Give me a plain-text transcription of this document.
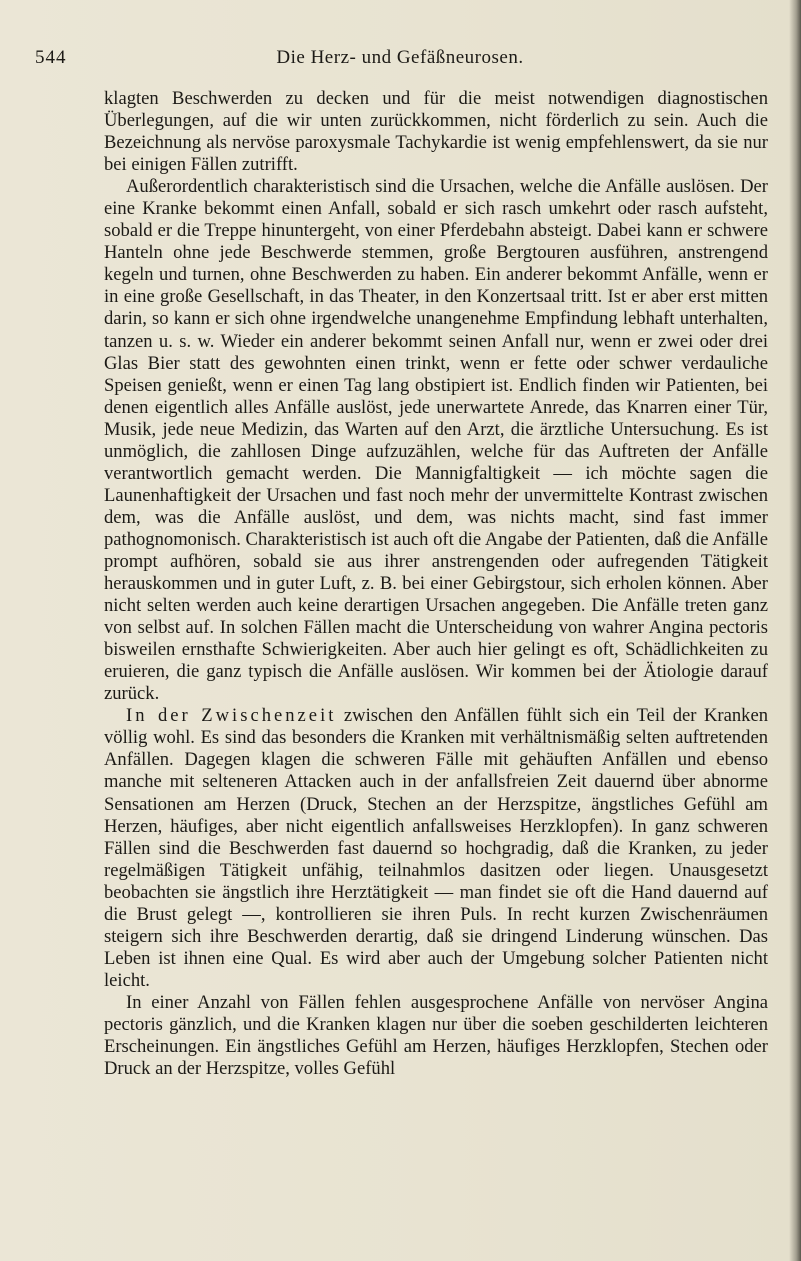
544	Die Herz- und Gefäßneurosen.

klagten Beschwerden zu decken und für die meist notwendigen diagnostischen Überlegungen, auf die wir unten zurückkommen, nicht förderlich zu sein. Auch die Bezeichnung als nervöse paroxysmale Tachykardie ist wenig empfehlenswert, da sie nur bei einigen Fällen zutrifft.

Außerordentlich charakteristisch sind die Ursachen, welche die Anfälle auslösen. Der eine Kranke bekommt einen Anfall, sobald er sich rasch umkehrt oder rasch aufsteht, sobald er die Treppe hinuntergeht, von einer Pferdebahn absteigt. Dabei kann er schwere Hanteln ohne jede Beschwerde stemmen, große Bergtouren ausführen, anstrengend kegeln und turnen, ohne Beschwerden zu haben. Ein anderer bekommt Anfälle, wenn er in eine große Gesellschaft, in das Theater, in den Konzertsaal tritt. Ist er aber erst mitten darin, so kann er sich ohne irgendwelche unangenehme Empfindung lebhaft unterhalten, tanzen u. s. w. Wieder ein anderer bekommt seinen Anfall nur, wenn er zwei oder drei Glas Bier statt des gewohnten einen trinkt, wenn er fette oder schwer verdauliche Speisen genießt, wenn er einen Tag lang obstipiert ist. Endlich finden wir Patienten, bei denen eigentlich alles Anfälle auslöst, jede unerwartete Anrede, das Knarren einer Tür, Musik, jede neue Medizin, das Warten auf den Arzt, die ärztliche Untersuchung. Es ist unmöglich, die zahllosen Dinge aufzuzählen, welche für das Auftreten der Anfälle verantwortlich gemacht werden. Die Mannigfaltigkeit — ich möchte sagen die Launenhaftigkeit der Ursachen und fast noch mehr der unvermittelte Kontrast zwischen dem, was die Anfälle auslöst, und dem, was nichts macht, sind fast immer pathognomonisch. Charakteristisch ist auch oft die Angabe der Patienten, daß die Anfälle prompt aufhören, sobald sie aus ihrer anstrengenden oder aufregenden Tätigkeit herauskommen und in guter Luft, z. B. bei einer Gebirgstour, sich erholen können. Aber nicht selten werden auch keine derartigen Ursachen angegeben. Die Anfälle treten ganz von selbst auf. In solchen Fällen macht die Unterscheidung von wahrer Angina pectoris bisweilen ernsthafte Schwierigkeiten. Aber auch hier gelingt es oft, Schädlichkeiten zu eruieren, die ganz typisch die Anfälle auslösen. Wir kommen bei der Ätiologie darauf zurück.

In der Zwischenzeit zwischen den Anfällen fühlt sich ein Teil der Kranken völlig wohl. Es sind das besonders die Kranken mit verhältnismäßig selten auftretenden Anfällen. Dagegen klagen die schweren Fälle mit gehäuften Anfällen und ebenso manche mit selteneren Attacken auch in der anfallsfreien Zeit dauernd über abnorme Sensationen am Herzen (Druck, Stechen an der Herzspitze, ängstliches Gefühl am Herzen, häufiges, aber nicht eigentlich anfallsweises Herzklopfen). In ganz schweren Fällen sind die Beschwerden fast dauernd so hochgradig, daß die Kranken, zu jeder regelmäßigen Tätigkeit unfähig, teilnahmlos dasitzen oder liegen. Unausgesetzt beobachten sie ängstlich ihre Herztätigkeit — man findet sie oft die Hand dauernd auf die Brust gelegt —, kontrollieren sie ihren Puls. In recht kurzen Zwischenräumen steigern sich ihre Beschwerden derartig, daß sie dringend Linderung wünschen. Das Leben ist ihnen eine Qual. Es wird aber auch der Umgebung solcher Patienten nicht leicht.

In einer Anzahl von Fällen fehlen ausgesprochene Anfälle von nervöser Angina pectoris gänzlich, und die Kranken klagen nur über die soeben geschilderten leichteren Erscheinungen. Ein ängstliches Gefühl am Herzen, häufiges Herzklopfen, Stechen oder Druck an der Herzspitze, volles Gefühl
